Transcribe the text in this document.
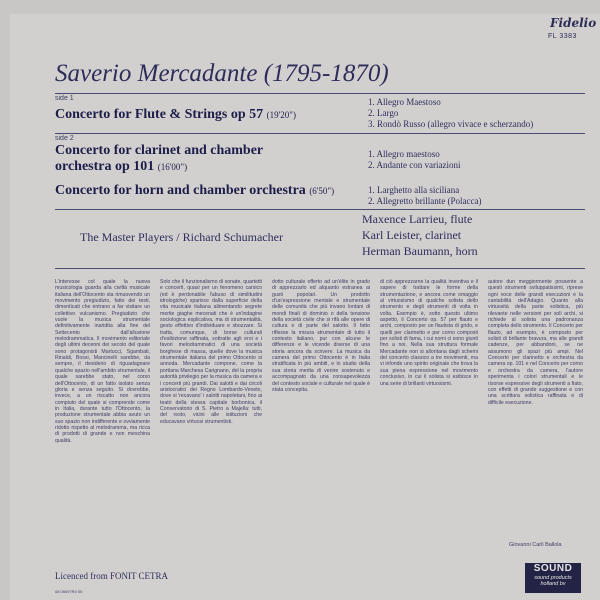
Fidelio
FL 3383
Saverio Mercadante (1795-1870)
side 1
Concerto for Flute & Strings op 57 (19'20")
1. Allegro Maestoso
2. Largo
3. Rondò Russo (allegro vivace e scherzando)
side 2
Concerto for clarinet and chamber
orchestra op 101 (16'00")
1. Allegro maestoso
2. Andante con variazioni
Concerto for horn and chamber orchestra (6'50")	1. Larghetto alla siciliana
2. Allegretto brillante (Polacca)
The Master Players / Richard Schumacher
Maxence Larrieu, flute
Karl Leister, clarinet
Herman Baumann, horn

L'interesse col quale la nuova musicologia guarda alla civiltà musicale italiana dell'Ottocento sta rimuovendo un movimento pregiudizio, fatto dei testi, dimenticati che entrano a far visitare un collettivo vulcanismo. Pregiudizio che vuole la musica strumentale definitivamente inaridita alla fine del Settecento dall'alluvione melodrammatica. Il movimento editoriale degli ultimi decenni dei secolo del quale sono protagonisti Martucci, Sgambati, Rinaldi, Bossi, Mancinelli sarebbe, da sempre, il desiderio di riguadagnare qualche spazio nell'ambito strumentale, il quale sarebbe stato, nel corso dell'Ottocento, di un fatto isolato senza gloria e senza seguito. Si dovrebbe, invece, a un riscatto non ancora compiuto del quale si comprende come in Italia, durante tutto l'Ottocento, la produzione strumentale abbia avuto un suo spazio non indifferente e ovviamente ridotto rispetto al melodramma, ma ricca di prodotti di grande e non meschina qualità.

Solo che il funzionalismo di sonate, quartetti e concerti, quasi per un fenomeno carsico (ed è perdonabile l'abuso di similitudini idrologiche) sparisce dalla superficie della vita musicale italiana alimentando segrete merite giaghe mecenati che è un'indagine sociologica esplicativa, ma di strumentalità, gesto effettivo d'individuare e sbozzare. Si tratta, comunque, di borse culturali d'esibizione raffinata, sottratte agli eroi e i favori melodrammatici di una società borghese di massa, quelle dove la musica strumentale italiana del primo Ottocento si annoda. Mercadante compone, come la portiana Marchesa Carignano, del la propria autorità privilegio per la musica da camera e i concerti più grandi. Dai salotti e dai circoli aristocratici dei Regno Lombardo-Veneto, dove si 'recavano' i salotti napoletani, fino ai teatri della stessa capitale borbonica, il Conservatorio di S. Pietro a Majella: tutti, del resto, vicini alle istituzioni che educavano virtuosi strumentisti.

dotto culturale offerto ad un'élite in grado di apprezzarlo ed alquanto estranea ai gusti popolari. Un prodotto d'un'espressione mentale e strumentale delle comunità che più invano lontani di mondi finali di dominio o della tensione della società civile che si rifà alle opere di cultura e di parte del salotto. Il fatto riflesse la misura strumentale di tutto il contesto italiano, pur con alcune le differenze e le vicende diverse di una storia ancora da scrivere. La musica da camera del primo Ottocento è in Italia stratificata in più ambiti, e lo studio della sua storia merita di venire sostenuto e accompagnato da una consapevolezza del contesto sociale e culturale nel quale è stata concepita.

di ciò apprezzarne la qualità inventiva e il sapere di trattare le forme della strumentazione, e ancora come omaggio al virtuosismo di qualche solista dello strumento e degli strumenti di volta in volta. Esempio è, sotto questo ultimo aspetto, il Concerto op. 57 per flauto e archi, composto per un flautista di grido, e quelli per clarinetto e per corno composti per solisti di fama, i cui nomi ci sono giunti fino a noi. Nella sua struttura formale Mercadante non si allontana dagli schemi del concerto classico a tre movimenti, ma vi infonde uno spirito originale che trova la sua piena espressione nel movimento conclusivo, in cui il solista si esibisce in una serie di brillanti virtuosismi.

autore dun meggiormente possente a questi strumenti sviluppatissimi, riprese ogni voce delle grandi esecuzioni e la cantabilità dell'Adagio. Quanto alla virtuosità della parte solistica, più rilevante nelle versioni per soli archi, si richiede al solista una padronanza completa dello strumento. Il Concerto per flauto, ad esempio, è composto per solisti di brillante bravura, ma alle grandi cadenze, per abbandoni, se ne assumono gli spazi più ampi. Nel Concerto per clarinetto e orchestra da camera op. 101 e nel Concerto per corno e orchestra da camera, l'autore sperimenta i colori strumentali e le risorse espressive degli strumenti a fiato, con effetti di grande suggestione e con una scrittura solistica raffinata e di difficile esecuzione.

Giovanni Carli Ballola
Licenced from FONIT CETRA
08 05097R0 05
SOUND
sound products
holland bv
